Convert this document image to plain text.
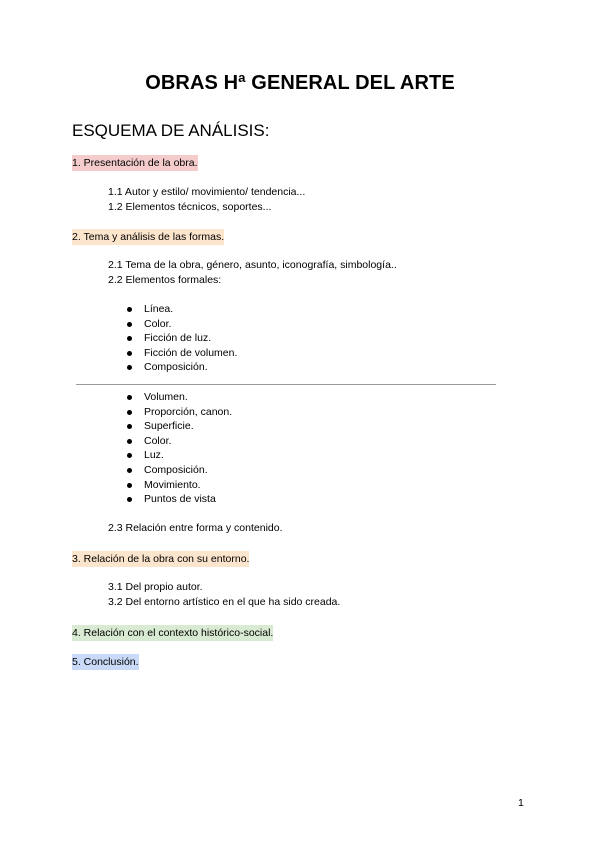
OBRAS Hª GENERAL DEL ARTE
ESQUEMA DE ANÁLISIS:
1. Presentación de la obra.
1.1 Autor y estilo/ movimiento/ tendencia...
1.2 Elementos técnicos, soportes...
2. Tema y análisis de las formas.
2.1 Tema de la obra, género, asunto, iconografía, simbología..
2.2 Elementos formales:
Línea.
Color.
Ficción de luz.
Ficción de volumen.
Composición.
Volumen.
Proporción, canon.
Superficie.
Color.
Luz.
Composición.
Movimiento.
Puntos de vista
2.3 Relación entre forma y contenido.
3. Relación de la obra con su entorno.
3.1 Del propio autor.
3.2 Del entorno artístico en el que ha sido creada.
4. Relación con el contexto histórico-social.
5. Conclusión.
1
